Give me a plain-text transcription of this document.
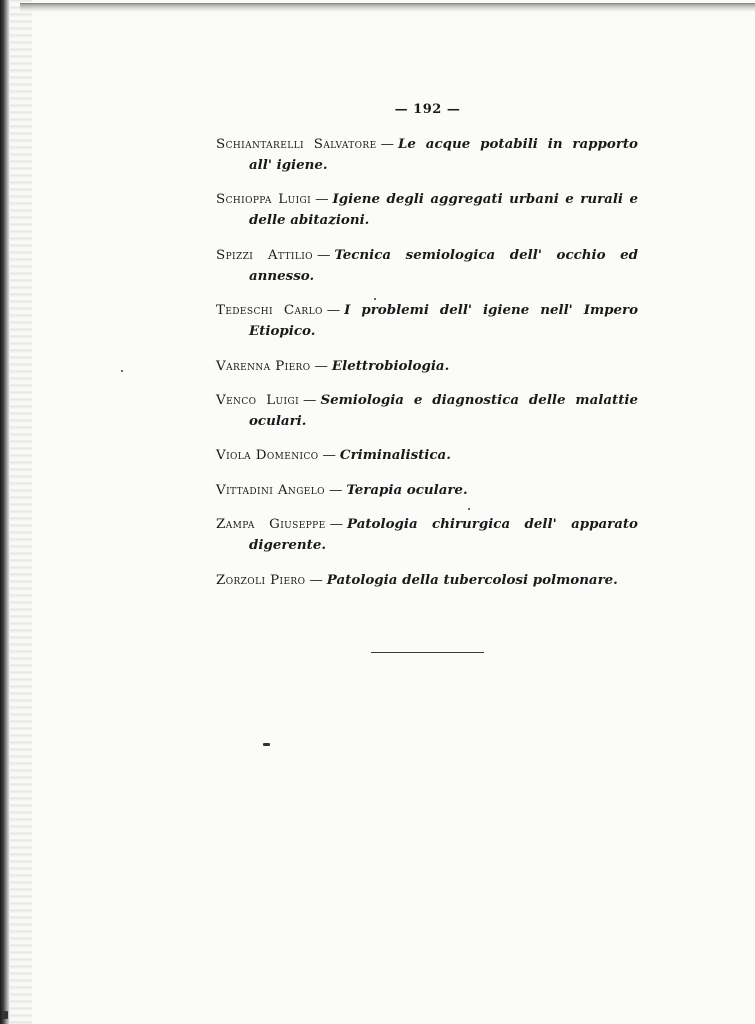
— 192 —

Schiantarelli Salvatore — Le acque potabili in rapporto all' igiene.

Schioppa Luigi — Igiene degli aggregati urbani e rurali e delle abitazioni.

Spizzi Attilio — Tecnica semiologica dell' occhio ed annesso.

Tedeschi Carlo — I problemi dell' igiene nell' Impero Etiopico.

Varenna Piero — Elettrobiologia.

Venco Luigi — Semiologia e diagnostica delle malattie oculari.

Viola Domenico — Criminalistica.

Vittadini Angelo — Terapia oculare.

Zampa Giuseppe — Patologia chirurgica dell' apparato digerente.

Zorzoli Piero — Patologia della tubercolosi polmonare.
